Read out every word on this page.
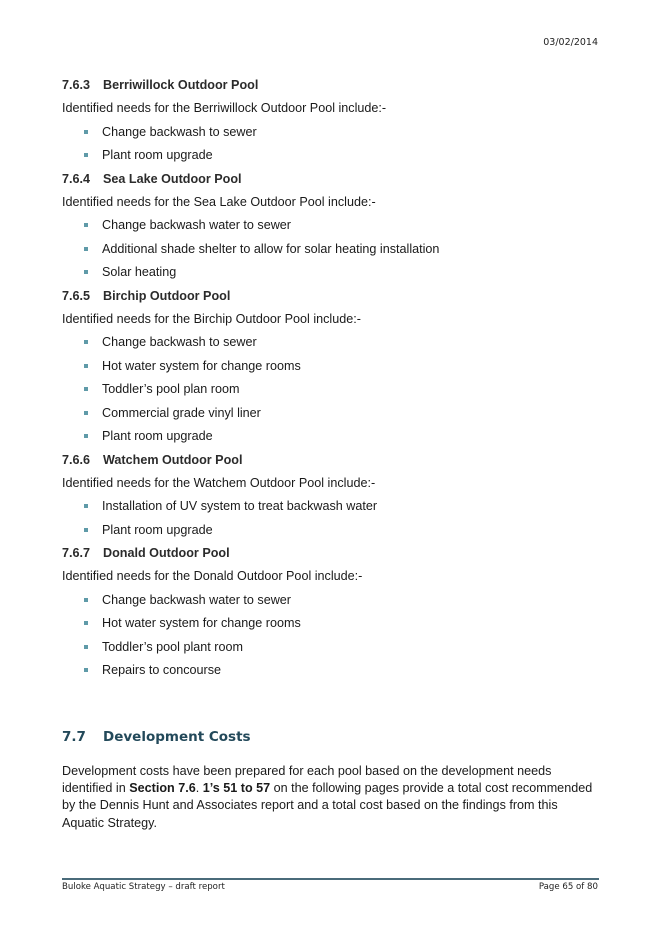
03/02/2014
7.6.3 Berriwillock Outdoor Pool
Identified needs for the Berriwillock Outdoor Pool include:-
Change backwash to sewer
Plant room upgrade
7.6.4 Sea Lake Outdoor Pool
Identified needs for the Sea Lake Outdoor Pool include:-
Change backwash water to sewer
Additional shade shelter to allow for solar heating installation
Solar heating
7.6.5 Birchip Outdoor Pool
Identified needs for the Birchip Outdoor Pool include:-
Change backwash to sewer
Hot water system for change rooms
Toddler’s pool plan room
Commercial grade vinyl liner
Plant room upgrade
7.6.6 Watchem Outdoor Pool
Identified needs for the Watchem Outdoor Pool include:-
Installation of UV system to treat backwash water
Plant room upgrade
7.6.7 Donald Outdoor Pool
Identified needs for the Donald Outdoor Pool include:-
Change backwash water to sewer
Hot water system for change rooms
Toddler’s pool plant room
Repairs to concourse
7.7 Development Costs
Development costs have been prepared for each pool based on the development needs identified in Section 7.6. 1’s 51 to 57 on the following pages provide a total cost recommended by the Dennis Hunt and Associates report and a total cost based on the findings from this Aquatic Strategy.
Buloke Aquatic Strategy – draft report	Page 65 of 80
